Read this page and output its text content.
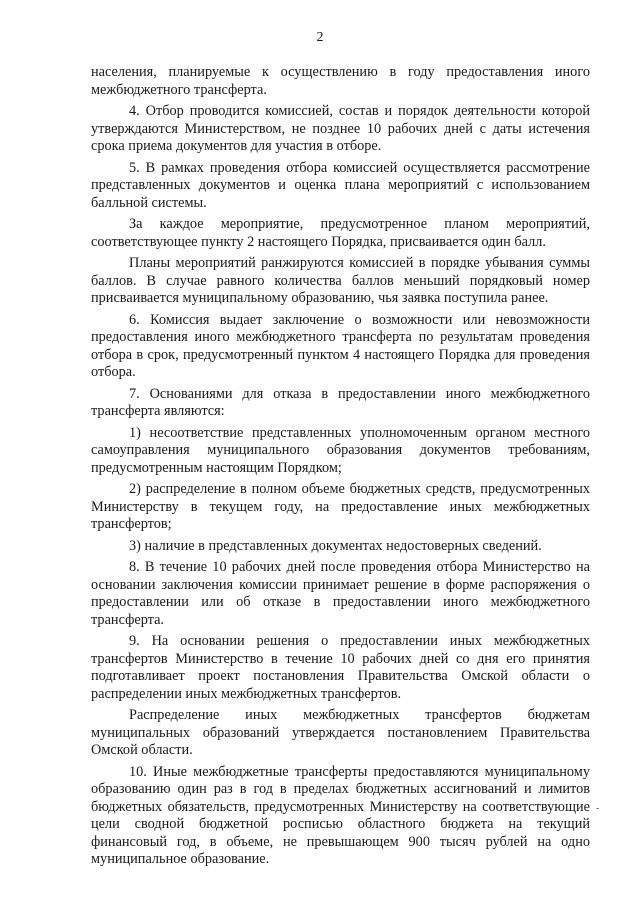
2

населения, планируемые к осуществлению в году предоставления иного межбюджетного трансферта.

4. Отбор проводится комиссией, состав и порядок деятельности которой утверждаются Министерством, не позднее 10 рабочих дней с даты истечения срока приема документов для участия в отборе.

5. В рамках проведения отбора комиссией осуществляется рассмотрение представленных документов и оценка плана мероприятий с использованием балльной системы.

За каждое мероприятие, предусмотренное планом мероприятий, соответствующее пункту 2 настоящего Порядка, присваивается один балл.

Планы мероприятий ранжируются комиссией в порядке убывания суммы баллов. В случае равного количества баллов меньший порядковый номер присваивается муниципальному образованию, чья заявка поступила ранее.

6. Комиссия выдает заключение о возможности или невозможности предоставления иного межбюджетного трансферта по результатам проведения отбора в срок, предусмотренный пунктом 4 настоящего Порядка для проведения отбора.

7. Основаниями для отказа в предоставлении иного межбюджетного трансферта являются:

1) несоответствие представленных уполномоченным органом местного самоуправления муниципального образования документов требованиям, предусмотренным настоящим Порядком;

2) распределение в полном объеме бюджетных средств, предусмотренных Министерству в текущем году, на предоставление иных межбюджетных трансфертов;

3) наличие в представленных документах недостоверных сведений.

8. В течение 10 рабочих дней после проведения отбора Министерство на основании заключения комиссии принимает решение в форме распоряжения о предоставлении или об отказе в предоставлении иного межбюджетного трансферта.

9. На основании решения о предоставлении иных межбюджетных трансфертов Министерство в течение 10 рабочих дней со дня его принятия подготавливает проект постановления Правительства Омской области о распределении иных межбюджетных трансфертов.

Распределение иных межбюджетных трансфертов бюджетам муниципальных образований утверждается постановлением Правительства Омской области.

10. Иные межбюджетные трансферты предоставляются муниципальному образованию один раз в год в пределах бюджетных ассигнований и лимитов бюджетных обязательств, предусмотренных Министерству на соответствующие цели сводной бюджетной росписью областного бюджета на текущий финансовый год, в объеме, не превышающем 900 тысяч рублей на одно муниципальное образование.

-
